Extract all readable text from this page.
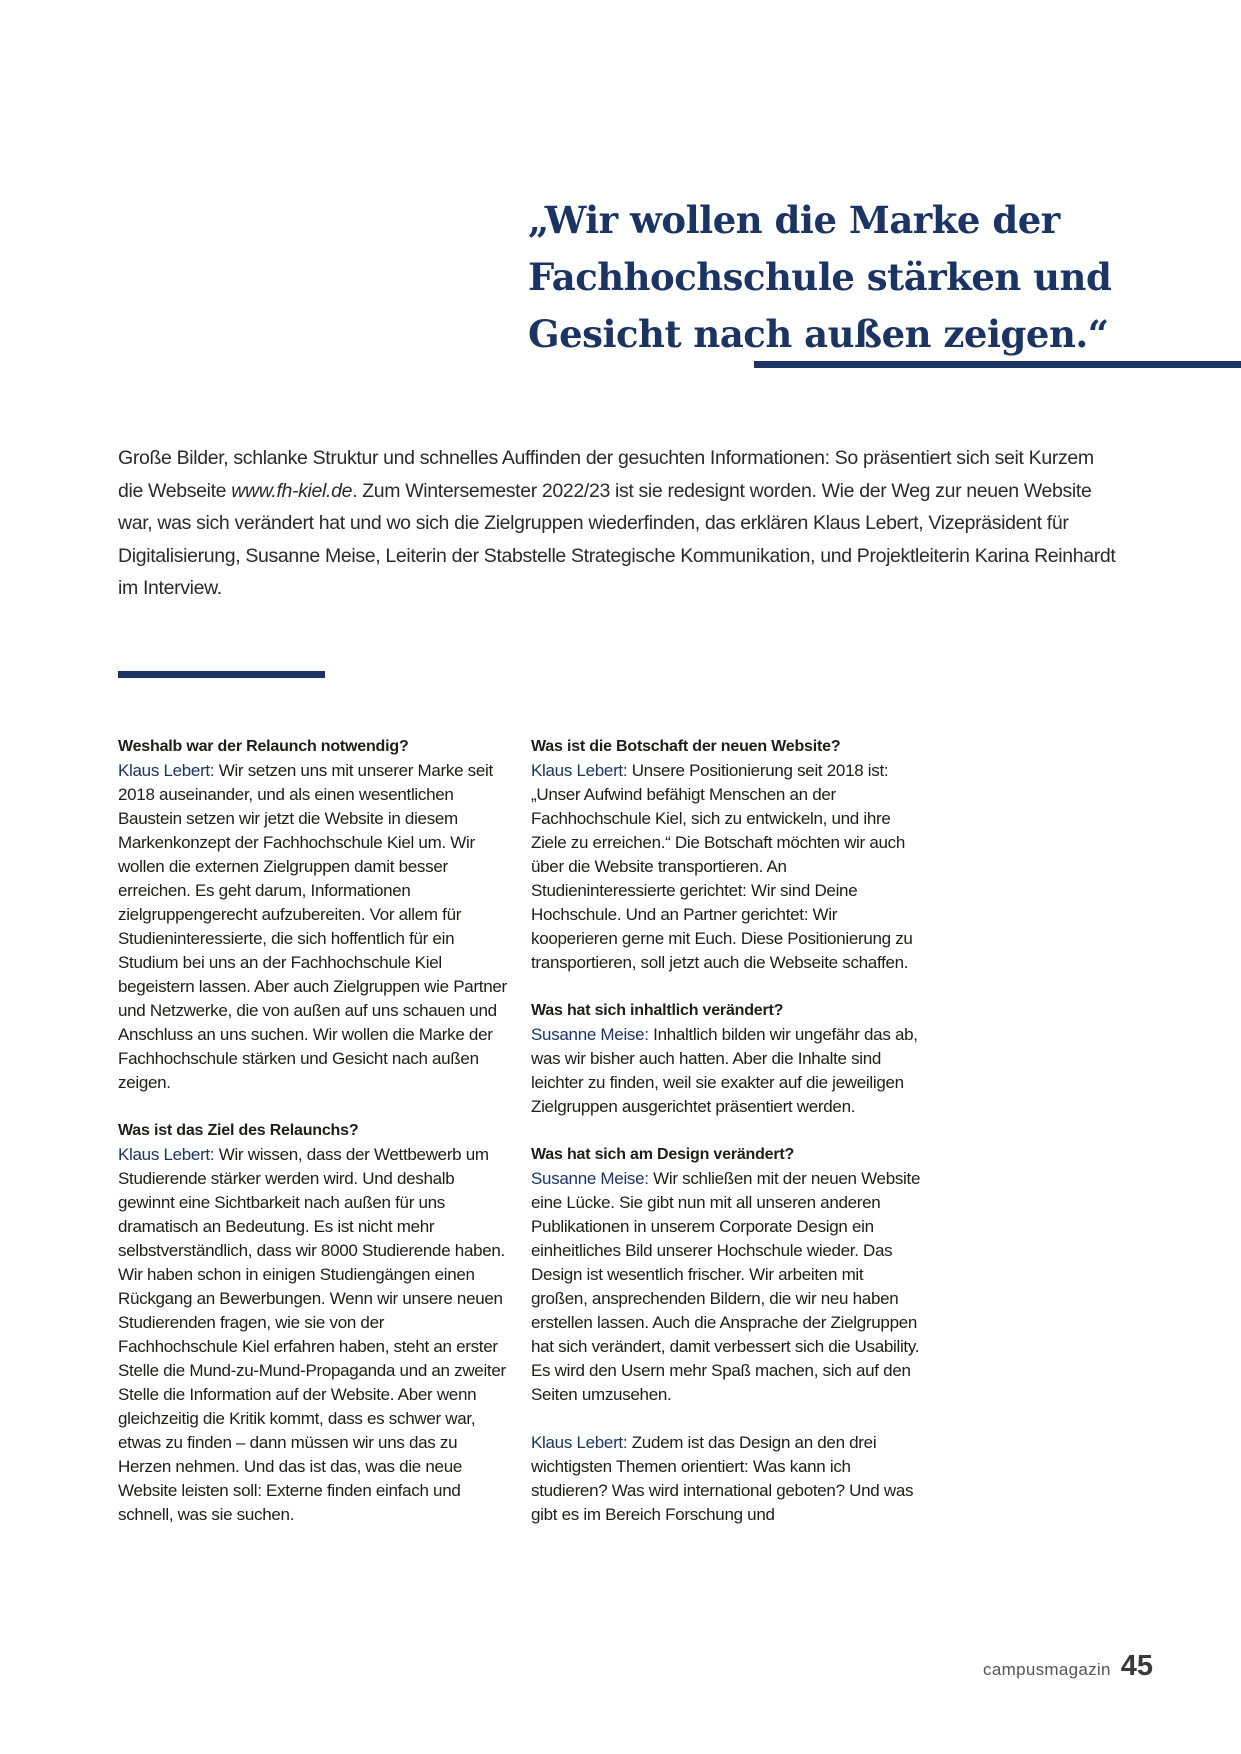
„Wir wollen die Marke der
Fachhochschule stärken und
Gesicht nach außen zeigen.“

Große Bilder, schlanke Struktur und schnelles Auffinden der gesuchten Informationen: So präsentiert sich seit Kurzem die Webseite www.fh-kiel.de. Zum Wintersemester 2022/23 ist sie redesignt worden. Wie der Weg zur neuen Website war, was sich verändert hat und wo sich die Zielgruppen wiederfinden, das erklären Klaus Lebert, Vizepräsident für Digitalisierung, Susanne Meise, Leiterin der Stabstelle Strategische Kommunikation, und Projektleiterin Karina Reinhardt im Interview.

Weshalb war der Relaunch notwendig?

Klaus Lebert: Wir setzen uns mit unserer Marke seit 2018 auseinander, und als einen wesentlichen Baustein setzen wir jetzt die Website in diesem Markenkonzept der Fachhochschule Kiel um. Wir wollen die externen Zielgruppen damit besser erreichen. Es geht darum, Informationen zielgruppengerecht aufzubereiten. Vor allem für Studieninteressierte, die sich hoffentlich für ein Studium bei uns an der Fachhochschule Kiel begeistern lassen. Aber auch Zielgruppen wie Partner und Netzwerke, die von außen auf uns schauen und Anschluss an uns suchen. Wir wollen die Marke der Fachhochschule stärken und Gesicht nach außen zeigen.

Was ist das Ziel des Relaunchs?

Klaus Lebert: Wir wissen, dass der Wettbewerb um Studierende stärker werden wird. Und deshalb gewinnt eine Sichtbarkeit nach außen für uns dramatisch an Bedeutung. Es ist nicht mehr selbstverständlich, dass wir 8000 Studierende haben. Wir haben schon in einigen Studiengängen einen Rückgang an Bewerbungen. Wenn wir unsere neuen Studierenden fragen, wie sie von der Fachhochschule Kiel erfahren haben, steht an erster Stelle die Mund-zu-Mund-Propaganda und an zweiter Stelle die Information auf der Website. Aber wenn gleichzeitig die Kritik kommt, dass es schwer war, etwas zu finden – dann müssen wir uns das zu Herzen nehmen. Und das ist das, was die neue Website leisten soll: Externe finden einfach und schnell, was sie suchen.

Was ist die Botschaft der neuen Website?

Klaus Lebert: Unsere Positionierung seit 2018 ist: „Unser Aufwind befähigt Menschen an der Fachhochschule Kiel, sich zu entwickeln, und ihre Ziele zu erreichen.“ Die Botschaft möchten wir auch über die Website transportieren. An Studieninteressierte gerichtet: Wir sind Deine Hochschule. Und an Partner gerichtet: Wir kooperieren gerne mit Euch. Diese Positionierung zu transportieren, soll jetzt auch die Webseite schaffen.

Was hat sich inhaltlich verändert?

Susanne Meise: Inhaltlich bilden wir ungefähr das ab, was wir bisher auch hatten. Aber die Inhalte sind leichter zu finden, weil sie exakter auf die jeweiligen Zielgruppen ausgerichtet präsentiert werden.

Was hat sich am Design verändert?

Susanne Meise: Wir schließen mit der neuen Website eine Lücke. Sie gibt nun mit all unseren anderen Publikationen in unserem Corporate Design ein einheitliches Bild unserer Hochschule wieder. Das Design ist wesentlich frischer. Wir arbeiten mit großen, ansprechenden Bildern, die wir neu haben erstellen lassen. Auch die Ansprache der Zielgruppen hat sich verändert, damit verbessert sich die Usability. Es wird den Usern mehr Spaß machen, sich auf den Seiten umzusehen.

Klaus Lebert: Zudem ist das Design an den drei wichtigsten Themen orientiert: Was kann ich studieren? Was wird international geboten? Und was gibt es im Bereich Forschung und

campusmagazin 45
